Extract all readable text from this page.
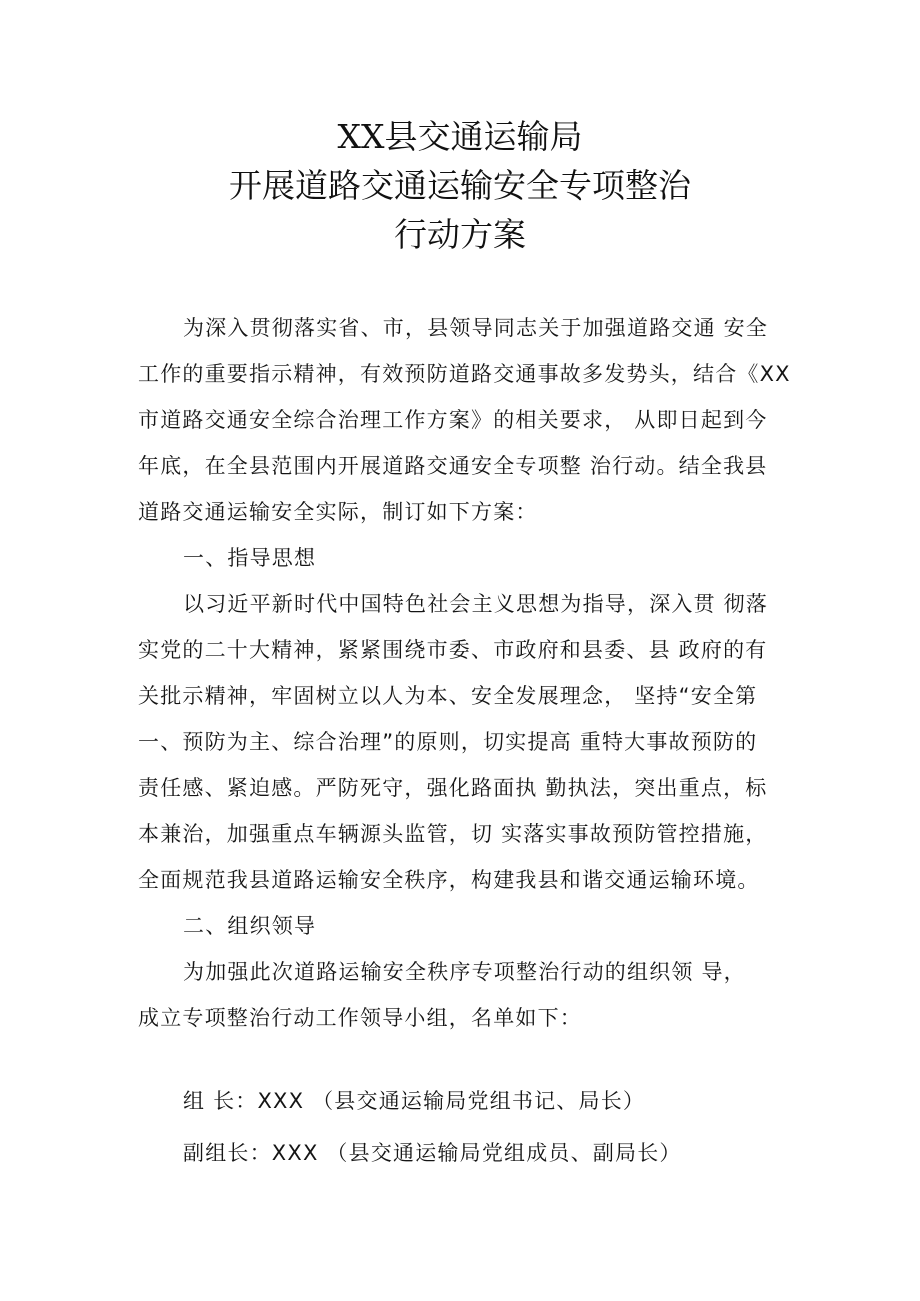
XX县交通运输局
开展道路交通运输安全专项整治
行动方案
为深入贯彻落实省、市，县领导同志关于加强道路交通 安全
工作的重要指示精神，有效预防道路交通事故多发势头，结合《XX
市道路交通安全综合治理工作方案》的相关要求， 从即日起到今
年底，在全县范围内开展道路交通安全专项整 治行动。结全我县
道路交通运输安全实际，制订如下方案：
一、指导思想
以习近平新时代中国特色社会主义思想为指导，深入贯 彻落
实党的二十大精神，紧紧围绕市委、市政府和县委、县 政府的有
关批示精神，牢固树立以人为本、安全发展理念， 坚持“安全第
一、预防为主、综合治理”的原则，切实提高 重特大事故预防的
责任感、紧迫感。严防死守，强化路面执 勤执法，突出重点，标
本兼治，加强重点车辆源头监管，切 实落实事故预防管控措施，
全面规范我县道路运输安全秩序，构建我县和谐交通运输环境。
二、组织领导
为加强此次道路运输安全秩序专项整治行动的组织领 导，
成立专项整治行动工作领导小组，名单如下：
组 长：XXX （县交通运输局党组书记、局长）
副组长：XXX （县交通运输局党组成员、副局长）
